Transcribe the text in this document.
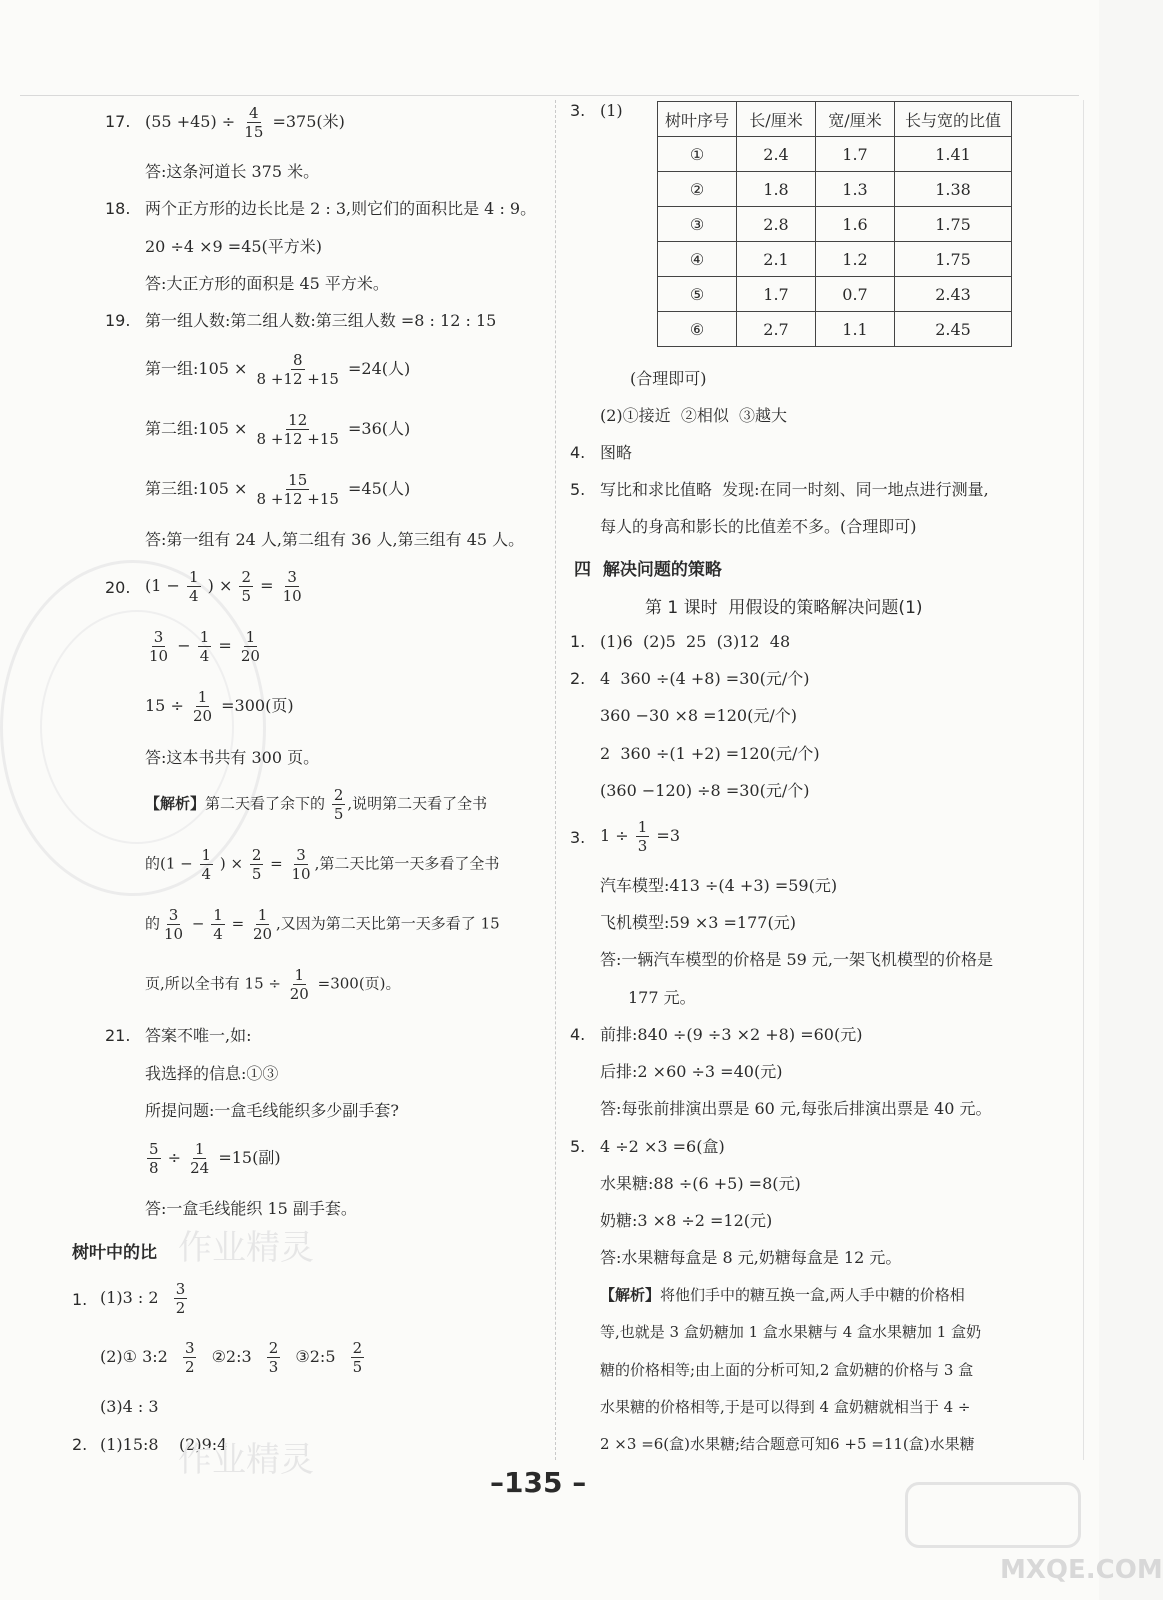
17. $(55 +45) \div \frac{4}{15} =375$(米)
答:这条河道长 375 米。
18. 两个正方形的边长比是 2 : 3,则它们的面积比是 4 : 9。
20 ÷4 ×9 =45(平方米)
答:大正方形的面积是 45 平方米。
19. 第一组人数:第二组人数:第三组人数 =8 : 12 : 15
第一组:105 × $\frac{8}{8 +12 +15} =24$(人)
第二组:105 × $\frac{12}{8 +12 +15} =36$(人)
第三组:105 × $\frac{15}{8 +12 +15} =45$(人)
答:第一组有 24 人,第二组有 36 人,第三组有 45 人。
20. ($1 - \frac{1}{4}$ ) × $\frac{2}{5} = \frac{3}{10}$
$\frac{3}{10} - \frac{1}{4} = \frac{1}{20}$
$15 \div \frac{1}{20} =300$(页)
答:这本书共有 300 页。
【解析】第二天看了余下的 $\frac{2}{5}$ ,说明第二天看了全书
的($1 - \frac{1}{4}$ ) × $\frac{2}{5} = \frac{3}{10}$ ,第二天比第一天多看了全书
的 $\frac{3}{10} - \frac{1}{4} = \frac{1}{20}$ ,又因为第二天比第一天多看了 15
页,所以全书有 $15 \div \frac{1}{20} =300$(页)。
21. 答案不唯一,如:
我选择的信息:①③
所提问题:一盒毛线能织多少副手套?
$\frac{5}{8} \div \frac{1}{24} =15$(副)
答:一盒毛线能织 15 副手套。
树叶中的比 作业精灵
1. (1)3 : $2 \frac{3}{2}$
(2)① 3:2 $\frac{3}{2}$ ②2:3 $\frac{2}{3}$ ③2:5 $\frac{2}{5}$
(3)4 : 3
2. (1)15:8    (2)9:4
作业精灵
3. (1)	树叶序号	长/厘米	宽/厘米	长与宽的比值
①	2.4	1.7	1.41
②	1.8	1.3	1.38
③	2.8	1.6	1.75
④	2.1	1.2	1.75
⑤	1.7	0.7	2.43
⑥	2.7	1.1	2.45
(合理即可)
(2)①接近  ②相似  ③越大
4. 图略
5. 写比和求比值略  发现:在同一时刻、同一地点进行测量,
每人的身高和影长的比值差不多。(合理即可)
四  解决问题的策略
第 1 课时  用假设的策略解决问题(1)
1. (1)6  (2)5  25  (3)12  48
2. 4  360 ÷(4 +8) =30(元/个)
360 −30 ×8 =120(元/个)
2  360 ÷(1 +2) =120(元/个)
(360 −120) ÷8 =30(元/个)
3. $1 \div \frac{1}{3} =3$
汽车模型:413 ÷(4 +3) =59(元)
飞机模型:59 ×3 =177(元)
答:一辆汽车模型的价格是 59 元,一架飞机模型的价格是
177 元。
4. 前排:840 ÷(9 ÷3 ×2 +8) =60(元)
后排:2 ×60 ÷3 =40(元)
答:每张前排演出票是 60 元,每张后排演出票是 40 元。
5. 4 ÷2 ×3 =6(盒)
水果糖:88 ÷(6 +5) =8(元)
奶糖:3 ×8 ÷2 =12(元)
答:水果糖每盒是 8 元,奶糖每盒是 12 元。
【解析】将他们手中的糖互换一盒,两人手中糖的价格相
等,也就是 3 盒奶糖加 1 盒水果糖与 4 盒水果糖加 1 盒奶
糖的价格相等;由上面的分析可知,2 盒奶糖的价格与 3 盒
水果糖的价格相等,于是可以得到 4 盒奶糖就相当于 4 ÷
2 ×3 =6(盒)水果糖;结合题意可知6 +5 =11(盒)水果糖
–135 –
MXQE.COM
